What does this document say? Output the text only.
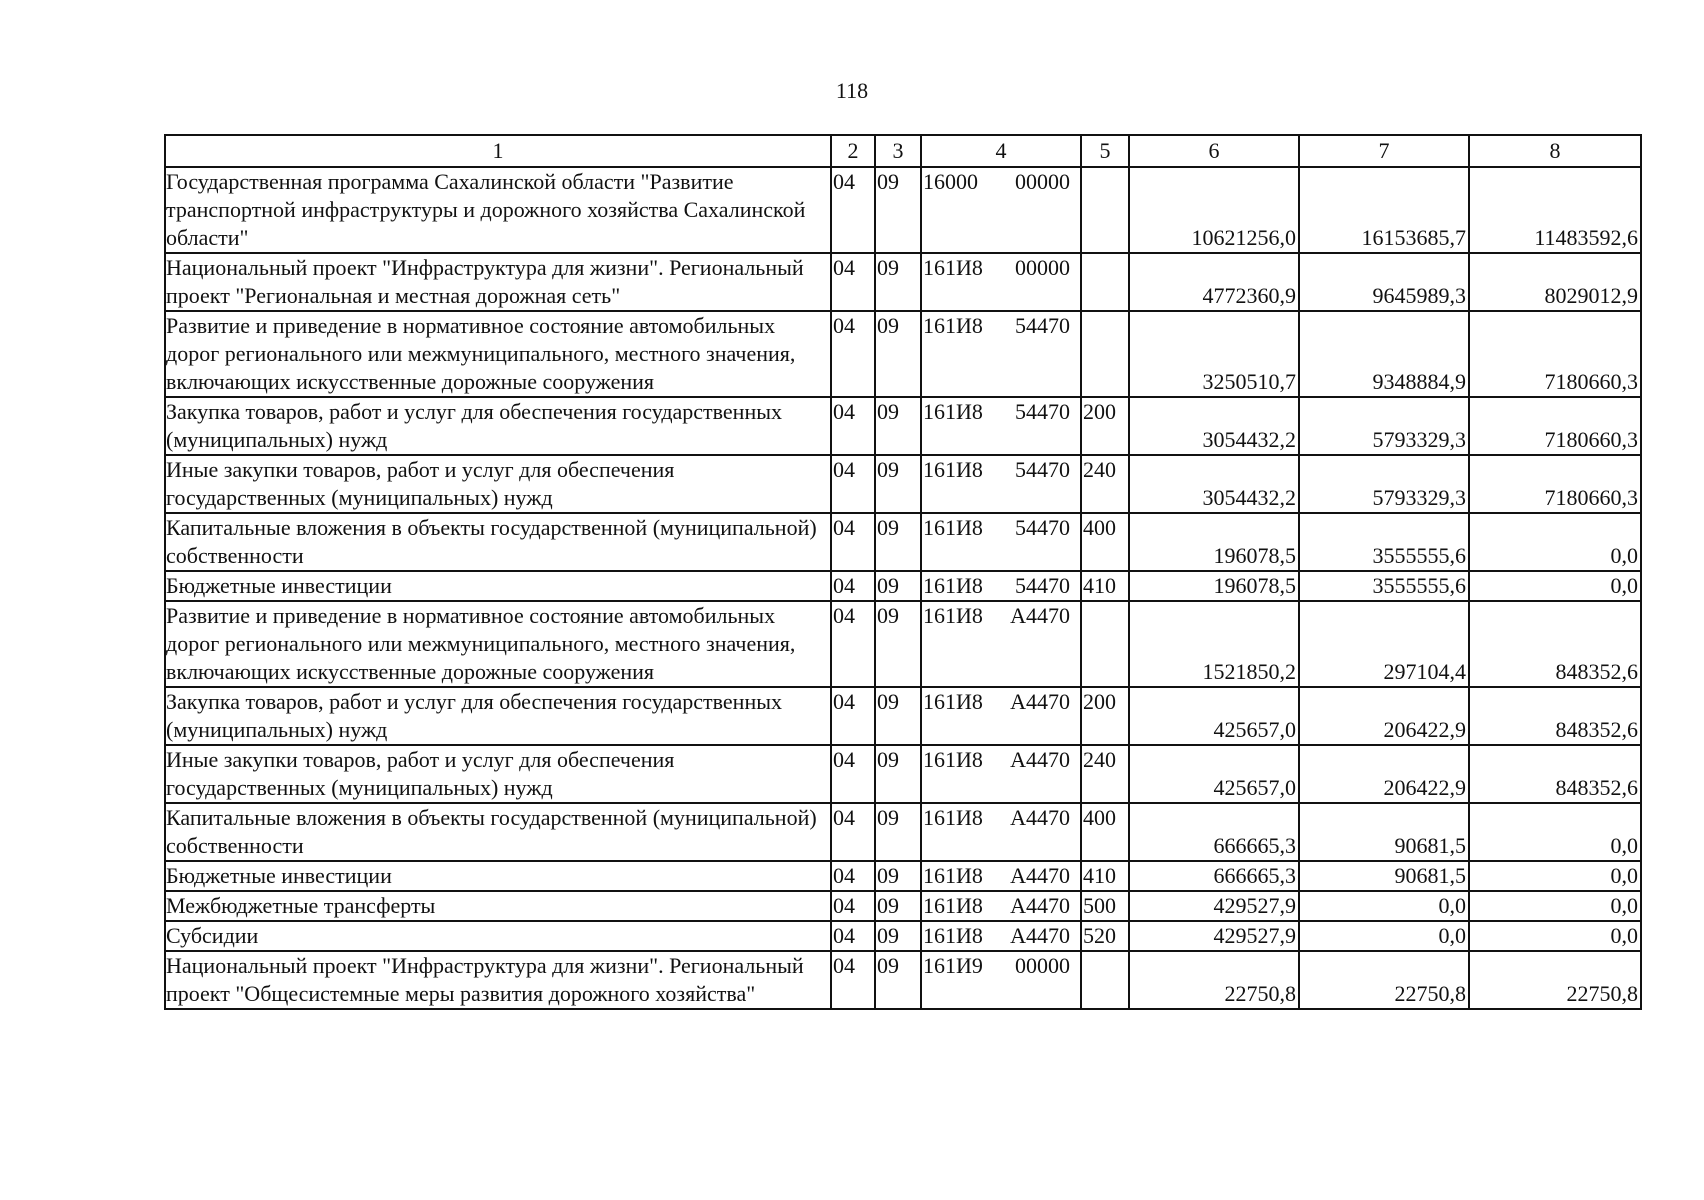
118
1	2	3	4	5	6	7	8
Государственная программа Сахалинской области "Развитие транспортной инфраструктуры и дорожного хозяйства Сахалинской области"	04	09	16000 00000		10621256,0	16153685,7	11483592,6
Национальный проект "Инфраструктура для жизни". Региональный проект "Региональная и местная дорожная сеть"	04	09	161И8 00000		4772360,9	9645989,3	8029012,9
Развитие и приведение в нормативное состояние автомобильных дорог регионального или межмуниципального, местного значения, включающих искусственные дорожные сооружения	04	09	161И8 54470		3250510,7	9348884,9	7180660,3
Закупка товаров, работ и услуг для обеспечения государственных (муниципальных) нужд	04	09	161И8 54470	200	3054432,2	5793329,3	7180660,3
Иные закупки товаров, работ и услуг для обеспечения государственных (муниципальных) нужд	04	09	161И8 54470	240	3054432,2	5793329,3	7180660,3
Капитальные вложения в объекты государственной (муниципальной) собственности	04	09	161И8 54470	400	196078,5	3555555,6	0,0
Бюджетные инвестиции	04	09	161И8 54470	410	196078,5	3555555,6	0,0
Развитие и приведение в нормативное состояние автомобильных дорог регионального или межмуниципального, местного значения, включающих искусственные дорожные сооружения	04	09	161И8 А4470		1521850,2	297104,4	848352,6
Закупка товаров, работ и услуг для обеспечения государственных (муниципальных) нужд	04	09	161И8 А4470	200	425657,0	206422,9	848352,6
Иные закупки товаров, работ и услуг для обеспечения государственных (муниципальных) нужд	04	09	161И8 А4470	240	425657,0	206422,9	848352,6
Капитальные вложения в объекты государственной (муниципальной) собственности	04	09	161И8 А4470	400	666665,3	90681,5	0,0
Бюджетные инвестиции	04	09	161И8 А4470	410	666665,3	90681,5	0,0
Межбюджетные трансферты	04	09	161И8 А4470	500	429527,9	0,0	0,0
Субсидии	04	09	161И8 А4470	520	429527,9	0,0	0,0
Национальный проект "Инфраструктура для жизни". Региональный проект "Общесистемные меры развития дорожного хозяйства"	04	09	161И9 00000		22750,8	22750,8	22750,8
